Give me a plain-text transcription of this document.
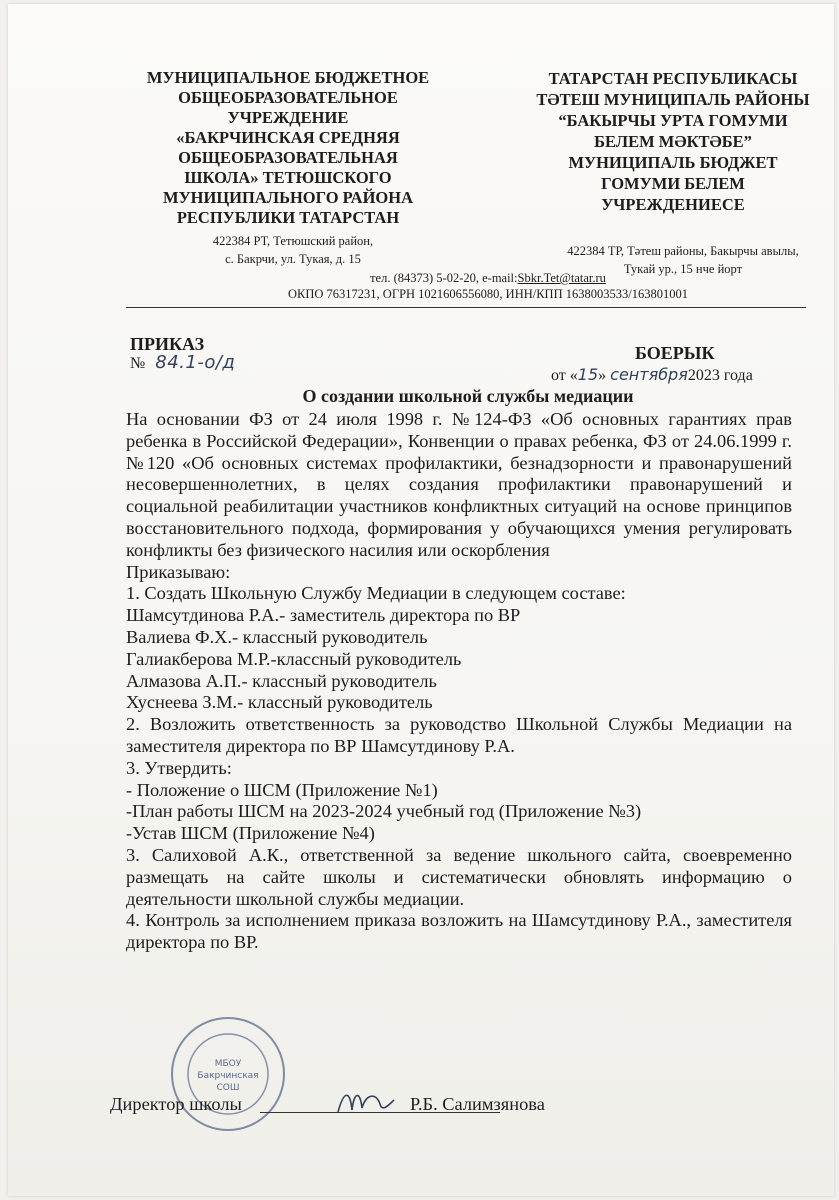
МУНИЦИПАЛЬНОЕ БЮДЖЕТНОЕ
ОБЩЕОБРАЗОВАТЕЛЬНОЕ
УЧРЕЖДЕНИЕ
«БАКРЧИНСКАЯ СРЕДНЯЯ
ОБЩЕОБРАЗОВАТЕЛЬНАЯ
ШКОЛА» ТЕТЮШСКОГО
МУНИЦИПАЛЬНОГО РАЙОНА
РЕСПУБЛИКИ ТАТАРСТАН
ТАТАРСТАН РЕСПУБЛИКАСЫ
ТӘТЕШ МУНИЦИПАЛЬ РАЙОНЫ
“БАКЫРЧЫ УРТА ГОМУМИ
БЕЛЕМ МӘКТӘБЕ”
МУНИЦИПАЛЬ БЮДЖЕТ
ГОМУМИ БЕЛЕМ
УЧРЕЖДЕНИЕСЕ
422384 РТ, Тетюшский район,
с. Бакрчи, ул. Тукая, д. 15
422384 ТР, Тәтеш районы, Бакырчы авылы,
Тукай ур., 15 нче йорт
тел. (84373) 5-02-20, e-mail:Sbkr.Tet@tatar.ru
ОКПО 76317231, ОГРН 1021606556080, ИНН/КПП 1638003533/163801001
ПРИКАЗ
№ 84.1-о/д	БОЕРЫК
от «15» сентября2023 года
О создании школьной службы медиации

На основании ФЗ от 24 июля 1998 г. №124-ФЗ «Об основных гарантиях прав ребенка в Российской Федерации», Конвенции о правах ребенка, ФЗ от 24.06.1999 г. №120 «Об основных системах профилактики, безнадзорности и правонарушений несовершеннолетних, в целях создания профилактики правонарушений и социальной реабилитации участников конфликтных ситуаций на основе принципов восстановительного подхода, формирования у обучающихся умения регулировать конфликты без физического насилия или оскорбления

Приказываю:

1. Создать Школьную Службу Медиации в следующем составе:

Шамсутдинова Р.А.- заместитель директора по ВР

Валиева Ф.Х.- классный руководитель

Галиакберова М.Р.-классный руководитель

Алмазова А.П.- классный руководитель

Хуснеева З.М.- классный руководитель

2. Возложить ответственность за руководство Школьной Службы Медиации на заместителя директора по ВР Шамсутдинову Р.А.

3. Утвердить:

- Положение о ШСМ (Приложение №1)

-План работы ШСМ на 2023-2024 учебный год (Приложение №3)

-Устав ШСМ (Приложение №4)

3. Салиховой А.К., ответственной за ведение школьного сайта, своевременно размещать на сайте школы и систематически обновлять информацию о деятельности школьной службы медиации.

4. Контроль за исполнением приказа возложить на Шамсутдинову Р.А., заместителя директора по ВР.

МБОУ
Бакрчинская
СОШ
Директор школы	Р.Б. Салимзянова
